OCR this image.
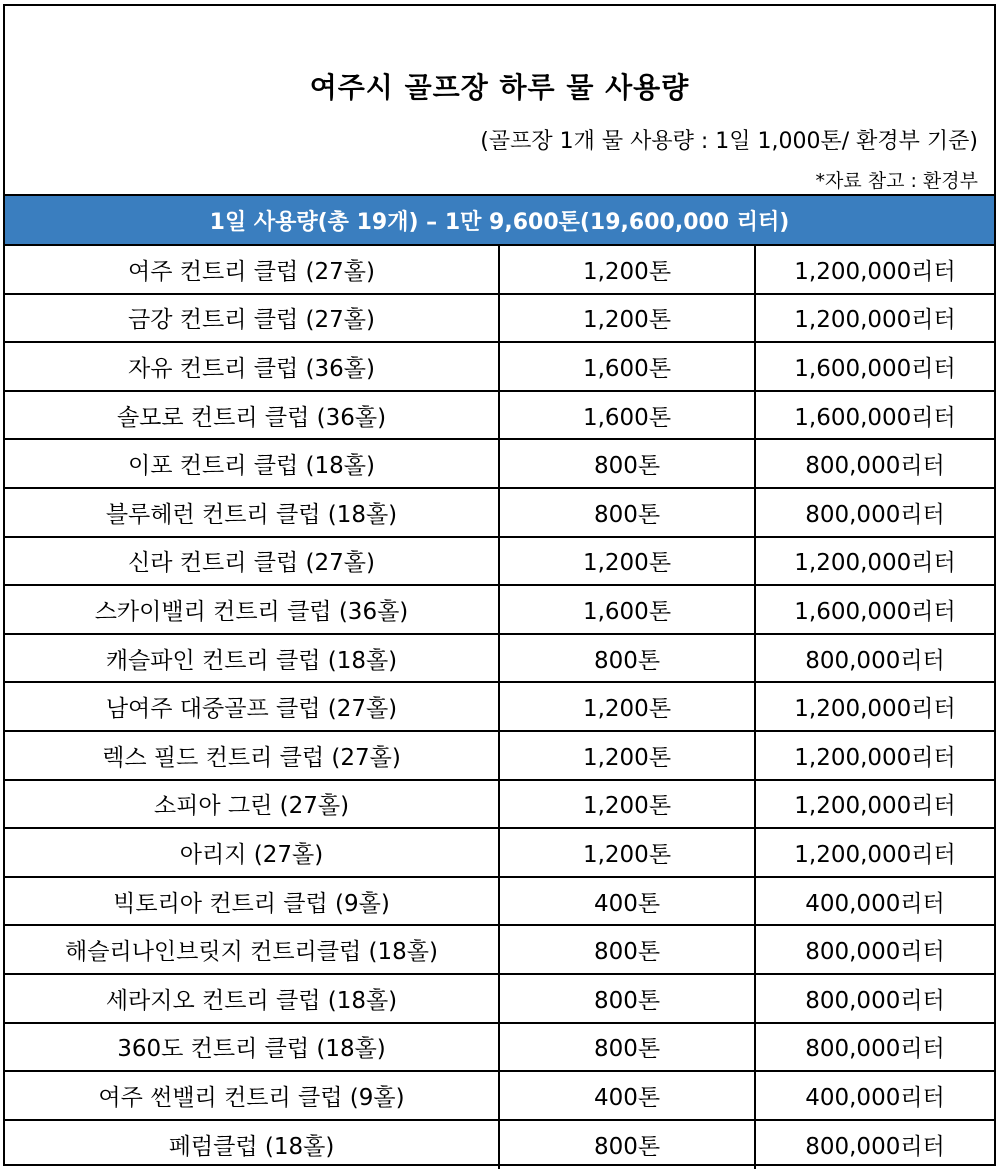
여주시 골프장 하루 물 사용량
(골프장 1개 물 사용량 : 1일 1,000톤/ 환경부 기준)
*자료 참고 : 환경부
1일 사용량(총 19개) – 1만 9,600톤(19,600,000 리터)
여주 컨트리 클럽 (27홀)	1,200톤	1,200,000리터
금강 컨트리 클럽 (27홀)	1,200톤	1,200,000리터
자유 컨트리 클럽 (36홀)	1,600톤	1,600,000리터
솔모로 컨트리 클럽 (36홀)	1,600톤	1,600,000리터
이포 컨트리 클럽 (18홀)	800톤	800,000리터
블루헤런 컨트리 클럽 (18홀)	800톤	800,000리터
신라 컨트리 클럽 (27홀)	1,200톤	1,200,000리터
스카이밸리 컨트리 클럽 (36홀)	1,600톤	1,600,000리터
캐슬파인 컨트리 클럽 (18홀)	800톤	800,000리터
남여주 대중골프 클럽 (27홀)	1,200톤	1,200,000리터
렉스 필드 컨트리 클럽 (27홀)	1,200톤	1,200,000리터
소피아 그린 (27홀)	1,200톤	1,200,000리터
아리지 (27홀)	1,200톤	1,200,000리터
빅토리아 컨트리 클럽 (9홀)	400톤	400,000리터
해슬리나인브릿지 컨트리클럽 (18홀)	800톤	800,000리터
세라지오 컨트리 클럽 (18홀)	800톤	800,000리터
360도 컨트리 클럽 (18홀)	800톤	800,000리터
여주 썬밸리 컨트리 클럽 (9홀)	400톤	400,000리터
페럼클럽 (18홀)	800톤	800,000리터
